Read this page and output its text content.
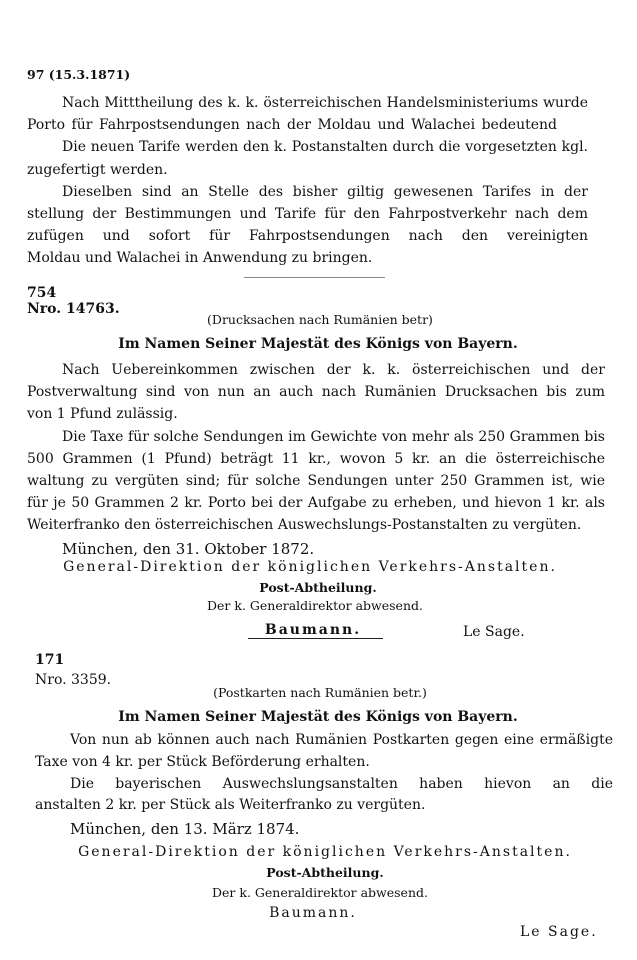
97 (15.3.1871)
Nach Mitttheilung des k. k. österreichischen Handelsministeriums wurde
Porto für Fahrpostsendungen nach der Moldau und Walachei bedeutend
Die neuen Tarife werden den k. Postanstalten durch die vorgesetzten kgl.
zugefertigt werden.
Dieselben sind an Stelle des bisher giltig gewesenen Tarifes in der
stellung der Bestimmungen und Tarife für den Fahrpostverkehr nach dem
zufügen und sofort für Fahrpostsendungen nach den vereinigten
Moldau und Walachei in Anwendung zu bringen.
754
Nro. 14763.
(Drucksachen nach Rumänien betr)
Im Namen Seiner Majestät des Königs von Bayern.
Nach Uebereinkommen zwischen der k. k. österreichischen und der
Postverwaltung sind von nun an auch nach Rumänien Drucksachen bis zum
von 1 Pfund zulässig.
Die Taxe für solche Sendungen im Gewichte von mehr als 250 Grammen bis
500 Grammen (1 Pfund) beträgt 11 kr., wovon 5 kr. an die österreichische
waltung zu vergüten sind; für solche Sendungen unter 250 Grammen ist, wie
für je 50 Grammen 2 kr. Porto bei der Aufgabe zu erheben, und hievon 1 kr. als
Weiterfranko den österreichischen Auswechslungs-Postanstalten zu vergüten.
München, den 31. Oktober 1872.
General-Direktion der königlichen Verkehrs-Anstalten.
Post-Abtheilung.
Der k. Generaldirektor abwesend.
Baumann.	Le Sage.
171
Nro. 3359.
(Postkarten nach Rumänien betr.)
Im Namen Seiner Majestät des Königs von Bayern.
Von nun ab können auch nach Rumänien Postkarten gegen eine ermäßigte
Taxe von 4 kr. per Stück Beförderung erhalten.
Die bayerischen Auswechslungsanstalten haben hievon an die
anstalten 2 kr. per Stück als Weiterfranko zu vergüten.
München, den 13. März 1874.
General-Direktion der königlichen Verkehrs-Anstalten.
Post-Abtheilung.
Der k. Generaldirektor abwesend.
Baumann.
Le Sage.
